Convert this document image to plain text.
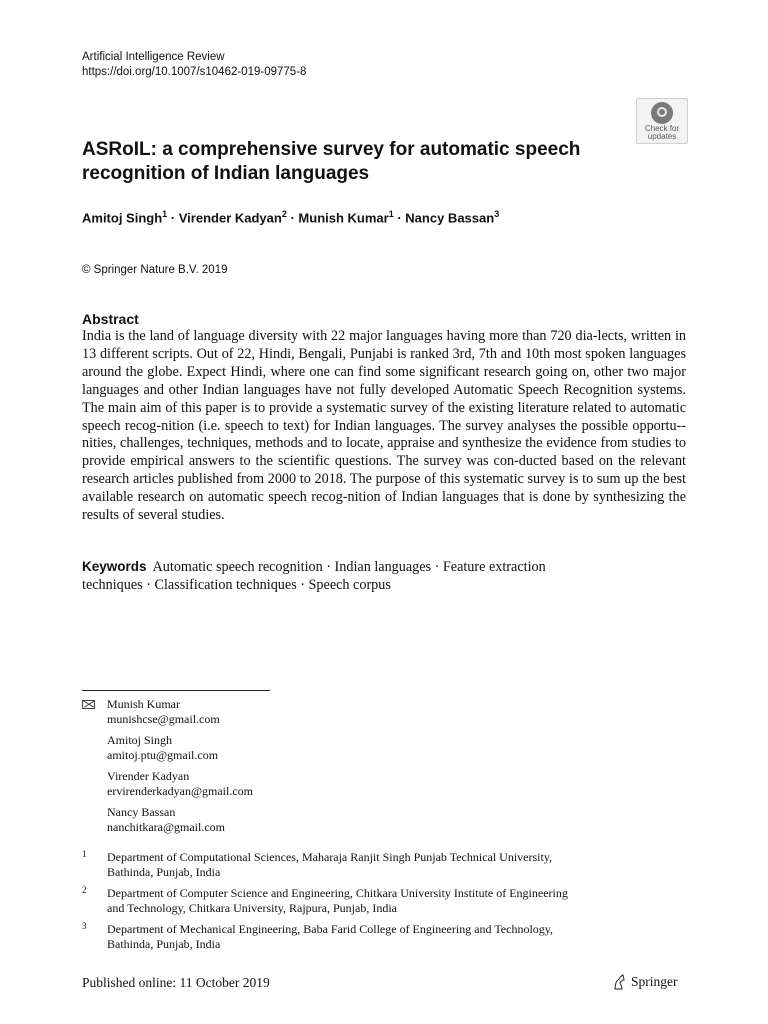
Artificial Intelligence Review
https://doi.org/10.1007/s10462-019-09775-8
Check for
updates
ASRoIL: a comprehensive survey for automatic speech
recognition of Indian languages
Amitoj Singh$^1$ · Virender Kadyan$^2$ · Munish Kumar$^1$ · Nancy Bassan$^3$
© Springer Nature B.V. 2019
Abstract

India is the land of language diversity with 22 major languages having more than 720 dia-lects, written in 13 different scripts. Out of 22, Hindi, Bengali, Punjabi is ranked 3rd, 7th and 10th most spoken languages around the globe. Expect Hindi, where one can find some significant research going on, other two major languages and other Indian languages have not fully developed Automatic Speech Recognition systems. The main aim of this paper is to provide a systematic survey of the existing literature related to automatic speech recog-nition (i.e. speech to text) for Indian languages. The survey analyses the possible opportu-nities, challenges, techniques, methods and to locate, appraise and synthesize the evidence from studies to provide empirical answers to the scientific questions. The survey was con-ducted based on the relevant research articles published from 2000 to 2018. The purpose of this systematic survey is to sum up the best available research on automatic speech recog-nition of Indian languages that is done by synthesizing the results of several studies.

Keywords Automatic speech recognition · Indian languages · Feature extraction
techniques · Classification techniques · Speech corpus

Munish Kumar
munishcse@gmail.com
Amitoj Singh
amitoj.ptu@gmail.com
Virender Kadyan
ervirenderkadyan@gmail.com
Nancy Bassan
nanchitkara@gmail.com
1 Department of Computational Sciences, Maharaja Ranjit Singh Punjab Technical University,
Bathinda, Punjab, India
2 Department of Computer Science and Engineering, Chitkara University Institute of Engineering
and Technology, Chitkara University, Rajpura, Punjab, India
3 Department of Mechanical Engineering, Baba Farid College of Engineering and Technology,
Bathinda, Punjab, India
Published online: 11 October 2019	Springer
